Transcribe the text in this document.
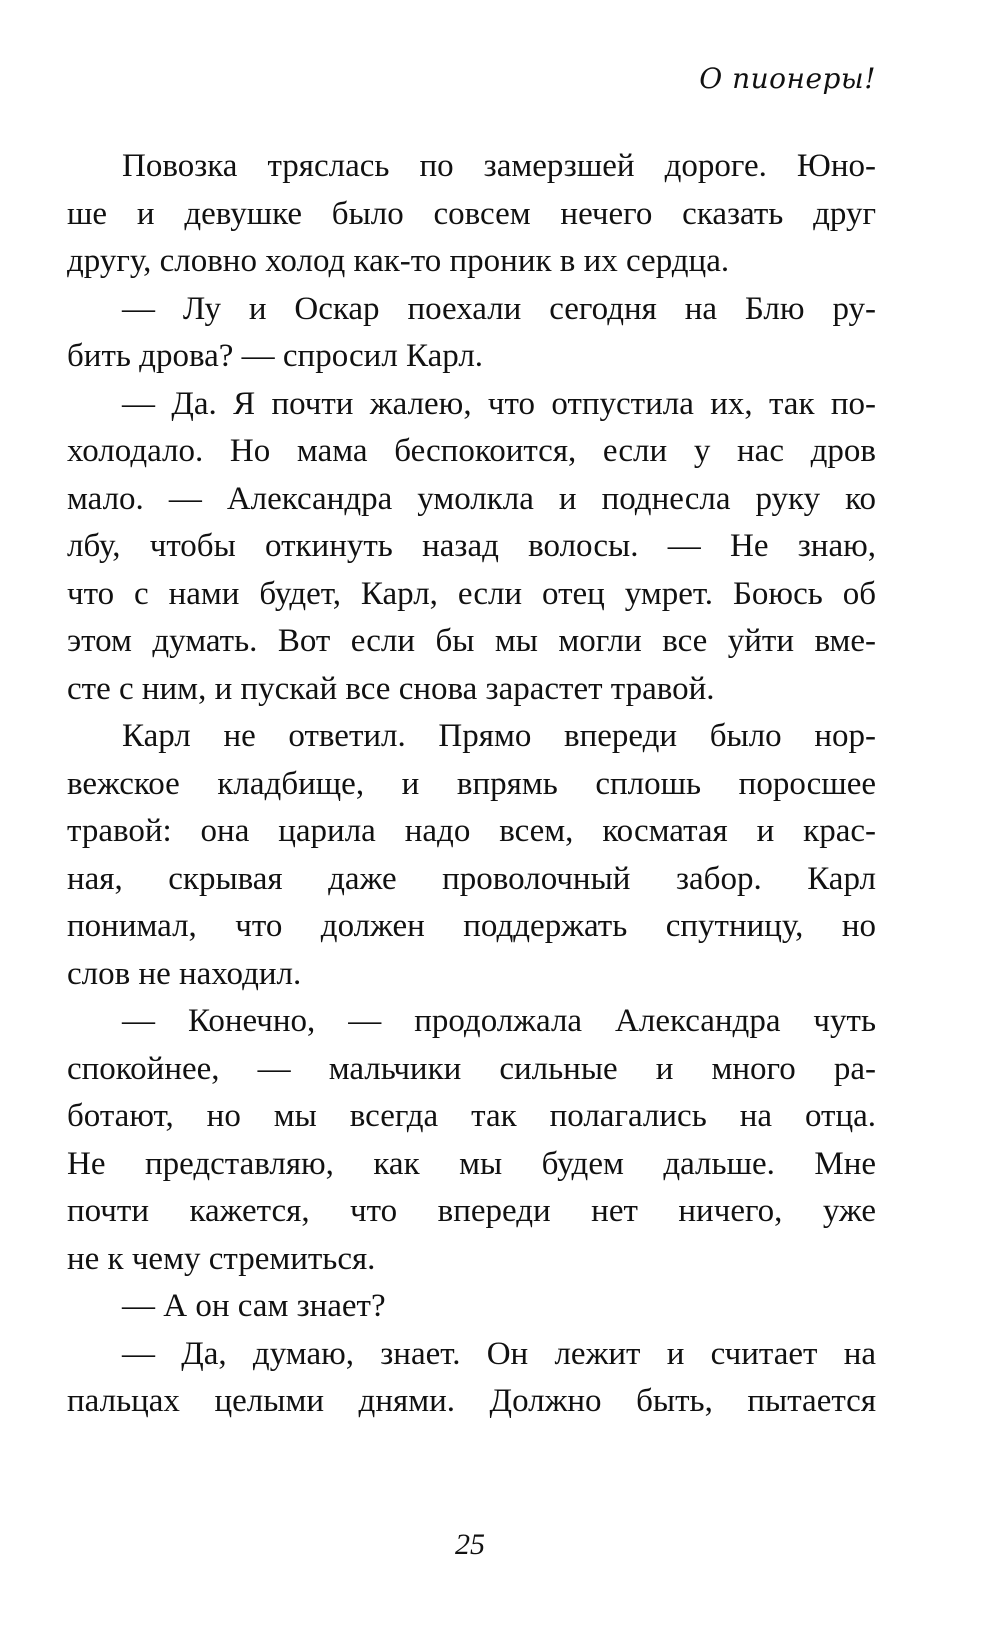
О пионеры!
Повозка тряслась по замерзшей дороге. Юно-
ше и девушке было совсем нечего сказать друг
другу, словно холод как-то проник в их сердца.
— Лу и Оскар поехали сегодня на Блю ру-
бить дрова? — спросил Карл.
— Да. Я почти жалею, что отпустила их, так по-
холодало. Но мама беспокоится, если у нас дров
мало. — Александра умолкла и поднесла руку ко
лбу, чтобы откинуть назад волосы. — Не знаю,
что с нами будет, Карл, если отец умрет. Боюсь об
этом думать. Вот если бы мы могли все уйти вме-
сте с ним, и пускай все снова зарастет травой.
Карл не ответил. Прямо впереди было нор-
вежское кладбище, и впрямь сплошь поросшее
травой: она царила надо всем, косматая и крас-
ная, скрывая даже проволочный забор. Карл
понимал, что должен поддержать спутницу, но
слов не находил.
— Конечно, — продолжала Александра чуть
спокойнее, — мальчики сильные и много ра-
ботают, но мы всегда так полагались на отца.
Не представляю, как мы будем дальше. Мне
почти кажется, что впереди нет ничего, уже
не к чему стремиться.
— А он сам знает?
— Да, думаю, знает. Он лежит и считает на
пальцах целыми днями. Должно быть, пытается
25
